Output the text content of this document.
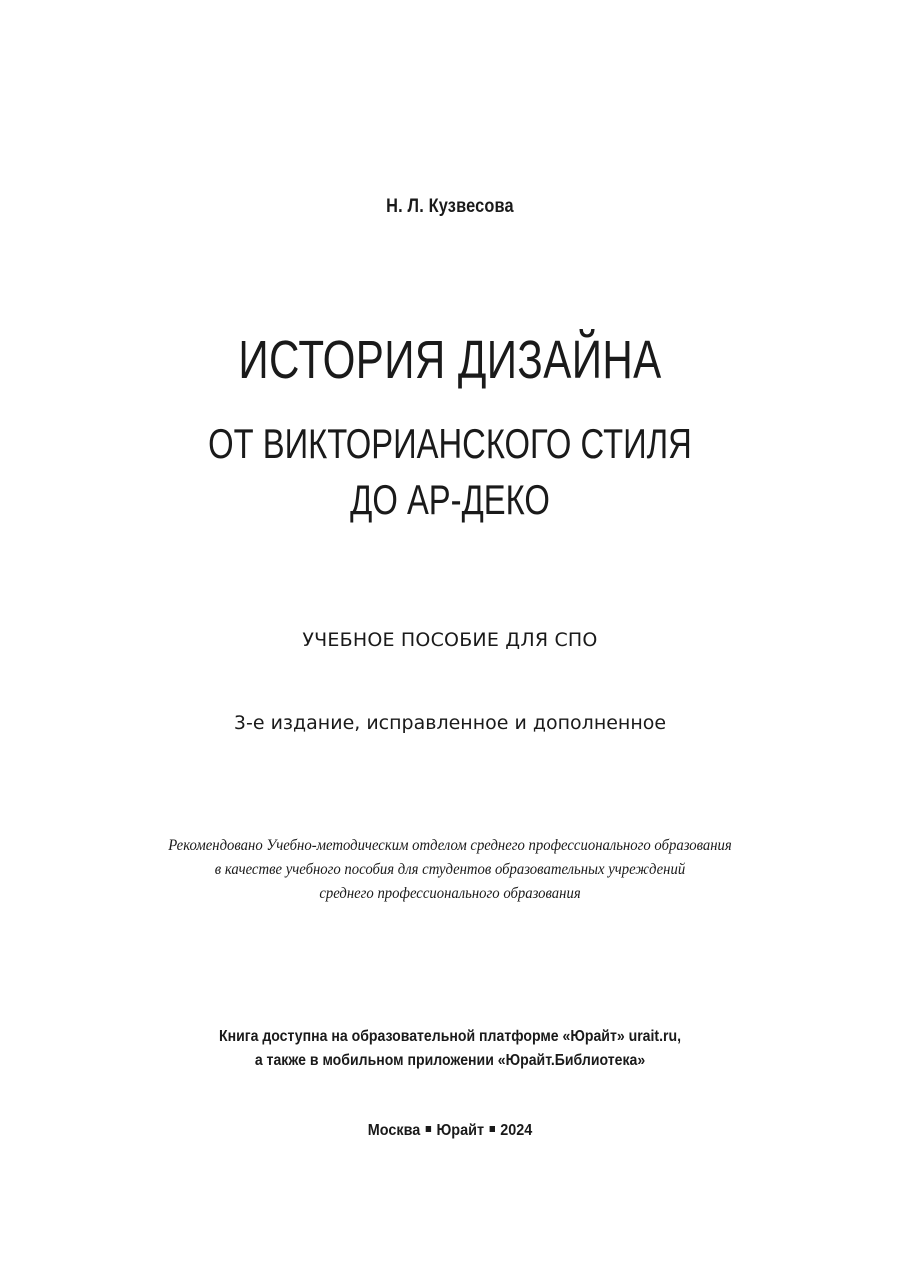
Н. Л. Кузвесова
ИСТОРИЯ ДИЗАЙНА
ОТ ВИКТОРИАНСКОГО СТИЛЯ
ДО АР-ДЕКО
УЧЕБНОЕ ПОСОБИЕ ДЛЯ СПО
3-е издание, исправленное и дополненное
Рекомендовано Учебно-методическим отделом среднего профессионального образования
в качестве учебного пособия для студентов образовательных учреждений
среднего профессионального образования
Книга доступна на образовательной платформе «Юрайт» urait.ru,
а также в мобильном приложении «Юрайт.Библиотека»
Москва Юрайт 2024
